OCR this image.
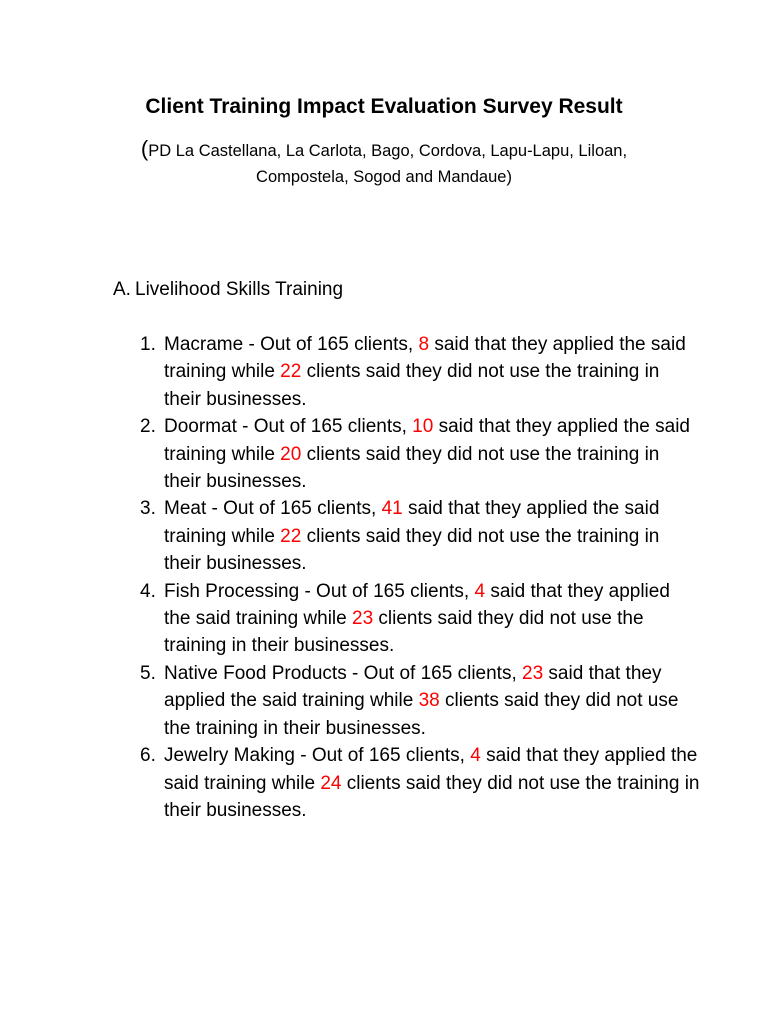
Client Training Impact Evaluation Survey Result
(PD La Castellana, La Carlota, Bago, Cordova, Lapu-Lapu, Liloan, Compostela, Sogod and Mandaue)
A. Livelihood Skills Training
1. Macrame - Out of 165 clients, 8 said that they applied the said training while 22 clients said they did not use the training in their businesses.
2. Doormat - Out of 165 clients, 10 said that they applied the said training while 20 clients said they did not use the training in their businesses.
3. Meat - Out of 165 clients, 41 said that they applied the said training while 22 clients said they did not use the training in their businesses.
4. Fish Processing - Out of 165 clients, 4 said that they applied the said training while 23 clients said they did not use the training in their businesses.
5. Native Food Products - Out of 165 clients, 23 said that they applied the said training while 38 clients said they did not use the training in their businesses.
6. Jewelry Making - Out of 165 clients, 4 said that they applied the said training while 24 clients said they did not use the training in their businesses.
